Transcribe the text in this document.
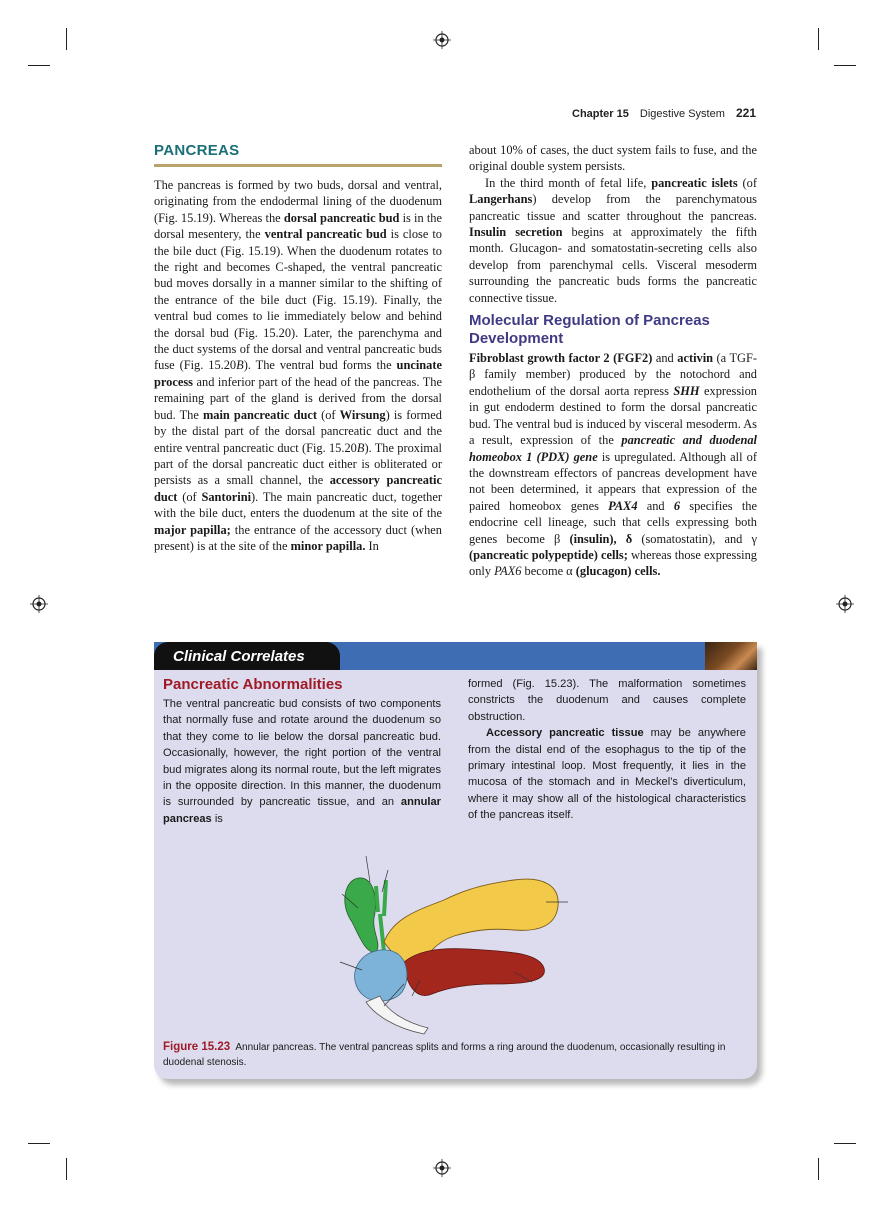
Chapter 15 Digestive System 221
PANCREAS

The pancreas is formed by two buds, dorsal and ventral, originating from the endodermal lining of the duodenum (Fig. 15.19). Whereas the dorsal pancreatic bud is in the dorsal mesentery, the ventral pancreatic bud is close to the bile duct (Fig. 15.19). When the duodenum rotates to the right and becomes C-shaped, the ventral pancreatic bud moves dorsally in a manner similar to the shifting of the entrance of the bile duct (Fig. 15.19). Finally, the ventral bud comes to lie immediately below and behind the dorsal bud (Fig. 15.20). Later, the parenchyma and the duct systems of the dorsal and ventral pancreatic buds fuse (Fig. 15.20B). The ventral bud forms the uncinate process and inferior part of the head of the pancreas. The remaining part of the gland is derived from the dorsal bud. The main pancreatic duct (of Wirsung) is formed by the distal part of the dorsal pancreatic duct and the entire ventral pancreatic duct (Fig. 15.20B). The proximal part of the dorsal pancreatic duct either is obliterated or persists as a small channel, the accessory pancreatic duct (of Santorini). The main pancreatic duct, together with the bile duct, enters the duodenum at the site of the major papilla; the entrance of the accessory duct (when present) is at the site of the minor papilla. In

about 10% of cases, the duct system fails to fuse, and the original double system persists.

In the third month of fetal life, pancreatic islets (of Langerhans) develop from the parenchymatous pancreatic tissue and scatter throughout the pancreas. Insulin secretion begins at approximately the fifth month. Glucagon- and somatostatin-secreting cells also develop from parenchymal cells. Visceral mesoderm surrounding the pancreatic buds forms the pancreatic connective tissue.

Molecular Regulation of Pancreas Development

Fibroblast growth factor 2 (FGF2) and activin (a TGF-β family member) produced by the notochord and endothelium of the dorsal aorta repress SHH expression in gut endoderm destined to form the dorsal pancreatic bud. The ventral bud is induced by visceral mesoderm. As a result, expression of the pancreatic and duodenal homeobox 1 (PDX) gene is upregulated. Although all of the downstream effectors of pancreas development have not been determined, it appears that expression of the paired homeobox genes PAX4 and 6 specifies the endocrine cell lineage, such that cells expressing both genes become β (insulin), δ (somatostatin), and γ (pancreatic polypeptide) cells; whereas those expressing only PAX6 become α (glucagon) cells.

Clinical Correlates
Pancreatic Abnormalities

The ventral pancreatic bud consists of two components that normally fuse and rotate around the duodenum so that they come to lie below the dorsal pancreatic bud. Occasionally, however, the right portion of the ventral bud migrates along its normal route, but the left migrates in the opposite direction. In this manner, the duodenum is surrounded by pancreatic tissue, and an annular pancreas is

formed (Fig. 15.23). The malformation sometimes constricts the duodenum and causes complete obstruction.

Accessory pancreatic tissue may be anywhere from the distal end of the esophagus to the tip of the primary intestinal loop. Most frequently, it lies in the mucosa of the stomach and in Meckel’s diverticulum, where it may show all of the histological characteristics of the pancreas itself.

Figure 15.23 Annular pancreas. The ventral pancreas splits and forms a ring around the duodenum, occasionally resulting in duodenal stenosis.
